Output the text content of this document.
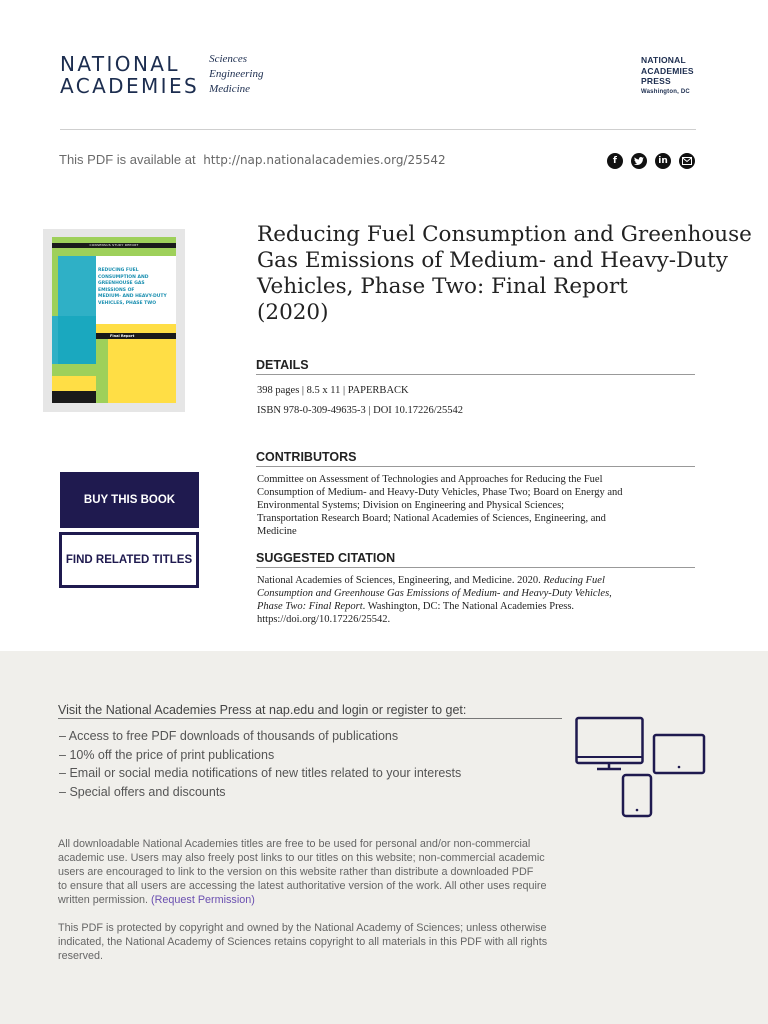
NATIONAL
ACADEMIES
Sciences
Engineering
Medicine
NATIONAL
ACADEMIES
PRESS
Washington, DC
This PDF is available at http://nap.nationalacademies.org/25542	f	in
CONSENSUS STUDY REPORT
REDUCING FUEL
CONSUMPTION AND
GREENHOUSE GAS
EMISSIONS OF
MEDIUM- AND HEAVY-DUTY
VEHICLES, PHASE TWO
Final Report
Reducing Fuel Consumption and Greenhouse
Gas Emissions of Medium- and Heavy-Duty
Vehicles, Phase Two: Final Report
(2020)
DETAILS
398 pages | 8.5 x 11 | PAPERBACK
ISBN 978-0-309-49635-3 | DOI 10.17226/25542
BUY THIS BOOK
FIND RELATED TITLES
CONTRIBUTORS
Committee on Assessment of Technologies and Approaches for Reducing the Fuel
Consumption of Medium- and Heavy-Duty Vehicles, Phase Two; Board on Energy and
Environmental Systems; Division on Engineering and Physical Sciences;
Transportation Research Board; National Academies of Sciences, Engineering, and
Medicine
SUGGESTED CITATION
National Academies of Sciences, Engineering, and Medicine. 2020. Reducing Fuel
Consumption and Greenhouse Gas Emissions of Medium- and Heavy-Duty Vehicles,
Phase Two: Final Report. Washington, DC: The National Academies Press.
https://doi.org/10.17226/25542.
Visit the National Academies Press at nap.edu and login or register to get:
– Access to free PDF downloads of thousands of publications
– 10% off the price of print publications
– Email or social media notifications of new titles related to your interests
– Special offers and discounts
All downloadable National Academies titles are free to be used for personal and/or non-commercial
academic use. Users may also freely post links to our titles on this website; non-commercial academic
users are encouraged to link to the version on this website rather than distribute a downloaded PDF
to ensure that all users are accessing the latest authoritative version of the work. All other uses require
written permission. (Request Permission)
This PDF is protected by copyright and owned by the National Academy of Sciences; unless otherwise
indicated, the National Academy of Sciences retains copyright to all materials in this PDF with all rights
reserved.
